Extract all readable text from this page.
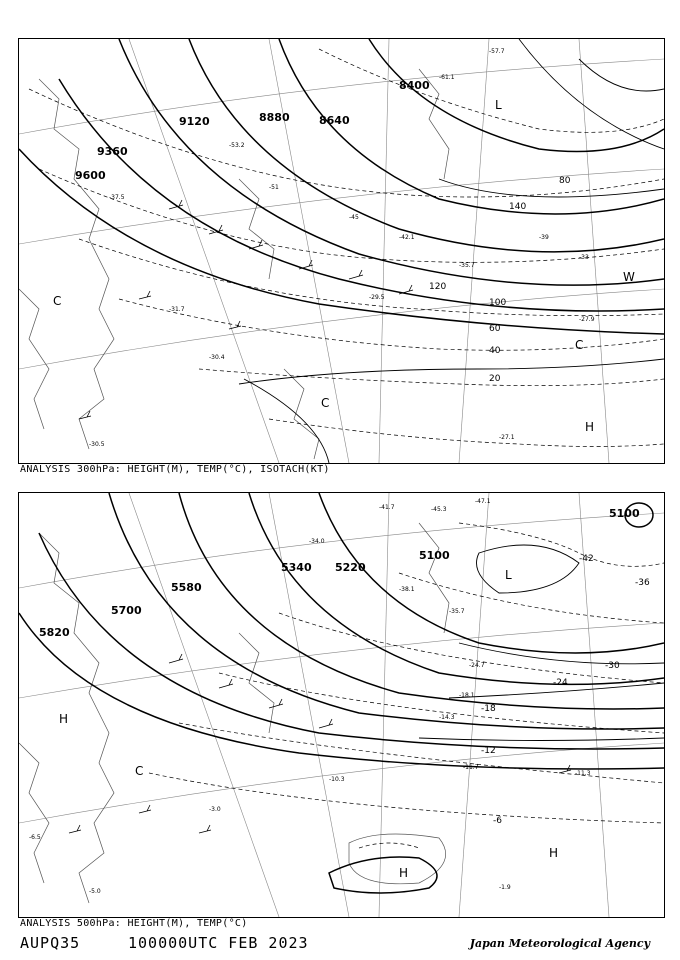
8400
8640
8880
9120
9360
9600
20
40
60
80
100
120
140
-57.7
-61.1
-53.2
-51
-45
-42.1	-39
-33
-29.5
-27.9
-31.7
-30.4
-30.5
-27.1
-37.5
-35.7
L
C
C
W
C
H
ANALYSIS 300hPa: HEIGHT(M), TEMP(°C), ISOTACH(KT)
5100
5100
5220
5340
5580
5700
5820
-42
-36
-30
-24
-18
-12
-6
-47.1
-41.7	-45.3
-34.0
-38.1
-35.7
-24.7
-18.1
-14.3
-11.7
-11.3
-10.3
-5.0
-3.0
-1.9
-6.5
L
H
C
H
H
ANALYSIS 500hPa: HEIGHT(M), TEMP(°C)
AUPQ35	100000UTC FEB 2023	Japan Meteorological Agency
